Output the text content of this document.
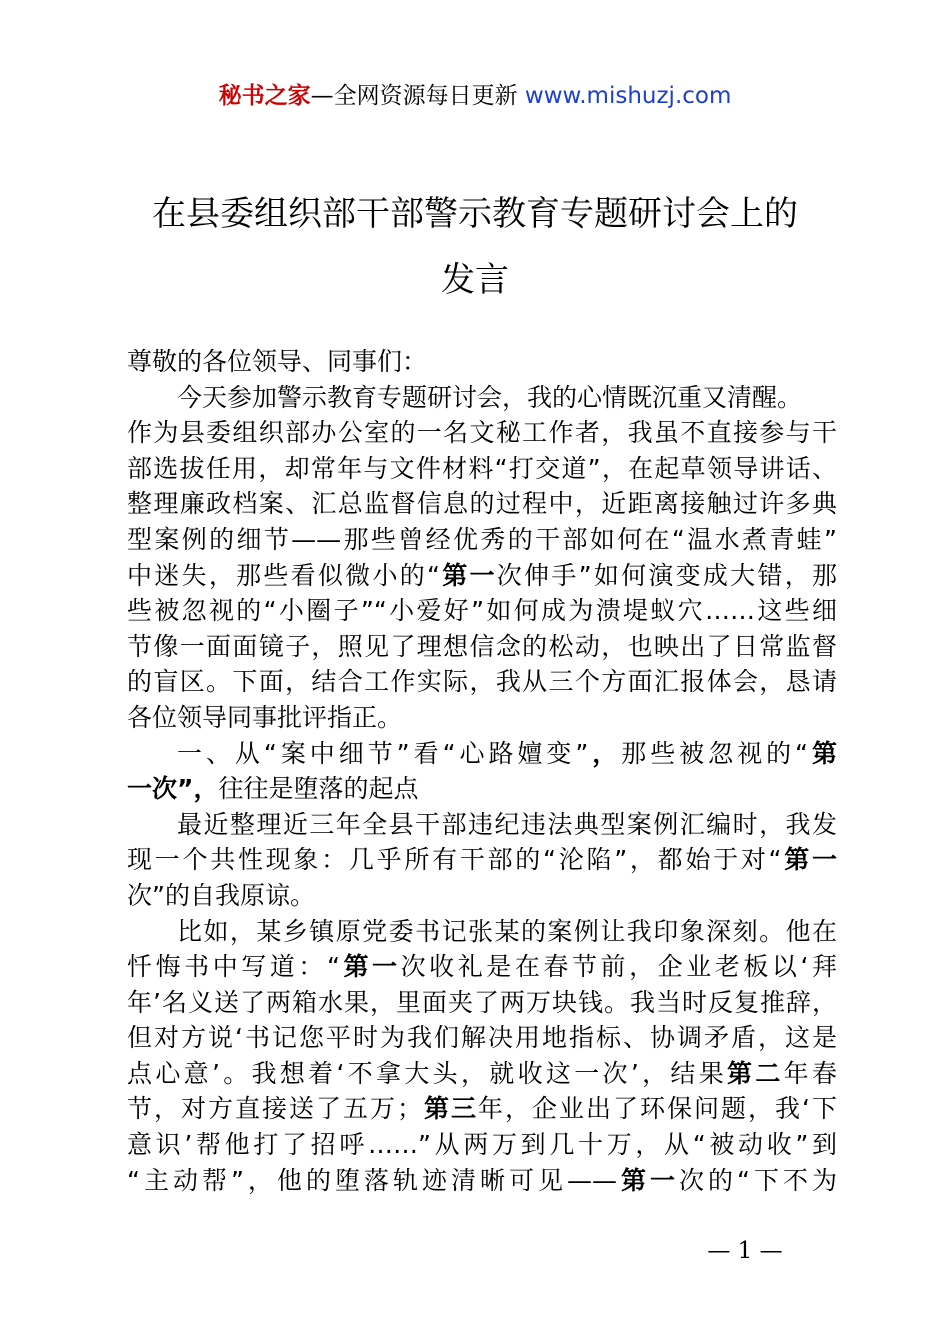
秘书之家—全网资源每日更新 www.mishuzj.com
在县委组织部干部警示教育专题研讨会上的
发言
尊敬的各位领导、同事们：
今天参加警示教育专题研讨会，我的心情既沉重又清醒。
作为县委组织部办公室的一名文秘工作者，我虽不直接参与干
部选拔任用，却常年与文件材料“打交道”，在起草领导讲话、
整理廉政档案、汇总监督信息的过程中，近距离接触过许多典
型案例的细节——那些曾经优秀的干部如何在“温水煮青蛙”
中迷失，那些看似微小的“第一次伸手”如何演变成大错，那
些被忽视的“小圈子”“小爱好”如何成为溃堤蚁穴……这些细
节像一面面镜子，照见了理想信念的松动，也映出了日常监督
的盲区。下面，结合工作实际，我从三个方面汇报体会，恳请
各位领导同事批评指正。
一、从“案中细节”看“心路嬗变”，那些被忽视的“第
一次”，往往是堕落的起点
最近整理近三年全县干部违纪违法典型案例汇编时，我发
现一个共性现象：几乎所有干部的“沦陷”，都始于对“第一
次”的自我原谅。
比如，某乡镇原党委书记张某的案例让我印象深刻。他在
忏悔书中写道：“第一次收礼是在春节前，企业老板以‘拜
年’名义送了两箱水果，里面夹了两万块钱。我当时反复推辞，
但对方说‘书记您平时为我们解决用地指标、协调矛盾，这是
点心意’。我想着‘不拿大头，就收这一次’，结果第二年春
节，对方直接送了五万；第三年，企业出了环保问题，我‘下
意识’帮他打了招呼……”从两万到几十万，从“被动收”到
“主动帮”，他的堕落轨迹清晰可见——第一次的“下不为
— 1 —
